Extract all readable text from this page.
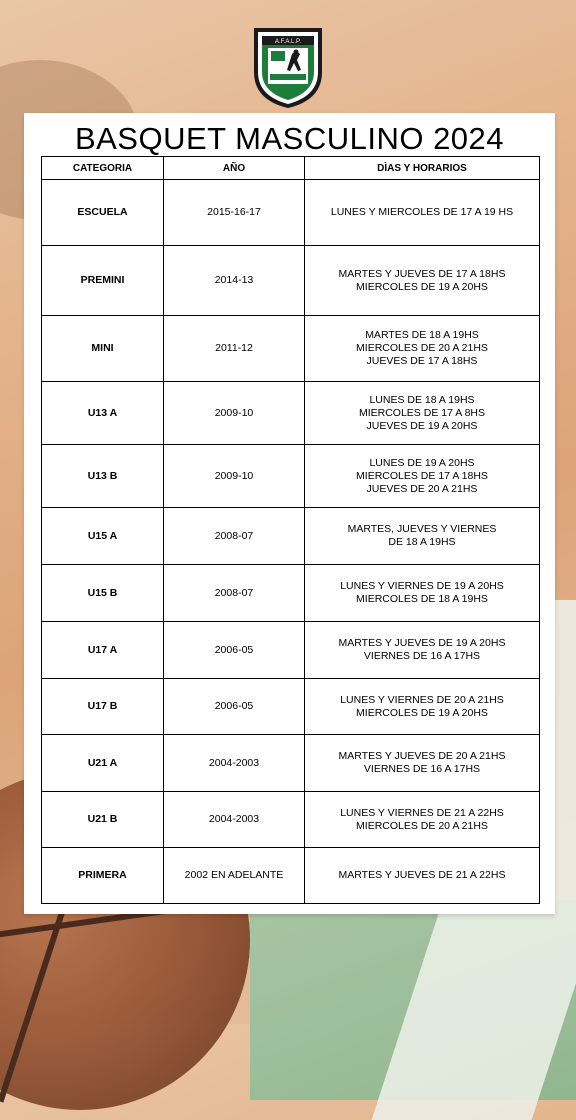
A.F.A.L.P.
BASQUET MASCULINO 2024
CATEGORIA	AÑO	DÌAS Y HORARIOS
ESCUELA	2015-16-17	LUNES Y MIERCOLES DE 17 A 19 HS

PREMINI	2014-13	MARTES Y JUEVES DE 17 A 18HS
MIERCOLES DE 19 A 20HS

MINI	2011-12	MARTES DE 18 A 19HS
MIERCOLES DE 20 A 21HS
JUEVES DE 17 A 18HS

U13 A	2009-10	LUNES DE 18 A 19HS
MIERCOLES DE 17 A 8HS
JUEVES DE 19 A 20HS

U13 B	2009-10	LUNES DE 19 A 20HS
MIERCOLES DE 17 A 18HS
JUEVES DE 20 A 21HS

U15 A	2008-07	MARTES, JUEVES Y VIERNES
DE 18 A 19HS

U15 B	2008-07	LUNES Y VIERNES DE 19 A 20HS
MIERCOLES DE 18 A 19HS

U17 A	2006-05	MARTES Y JUEVES DE 19 A 20HS
VIERNES DE 16 A 17HS

U17 B	2006-05	LUNES Y VIERNES DE 20 A 21HS
MIERCOLES DE 19 A 20HS

U21 A	2004-2003	MARTES Y JUEVES DE 20 A 21HS
VIERNES DE 16 A 17HS

U21 B	2004-2003	LUNES Y VIERNES DE 21 A 22HS
MIERCOLES DE 20 A 21HS

PRIMERA	2002 EN ADELANTE	MARTES Y JUEVES DE 21 A 22HS
